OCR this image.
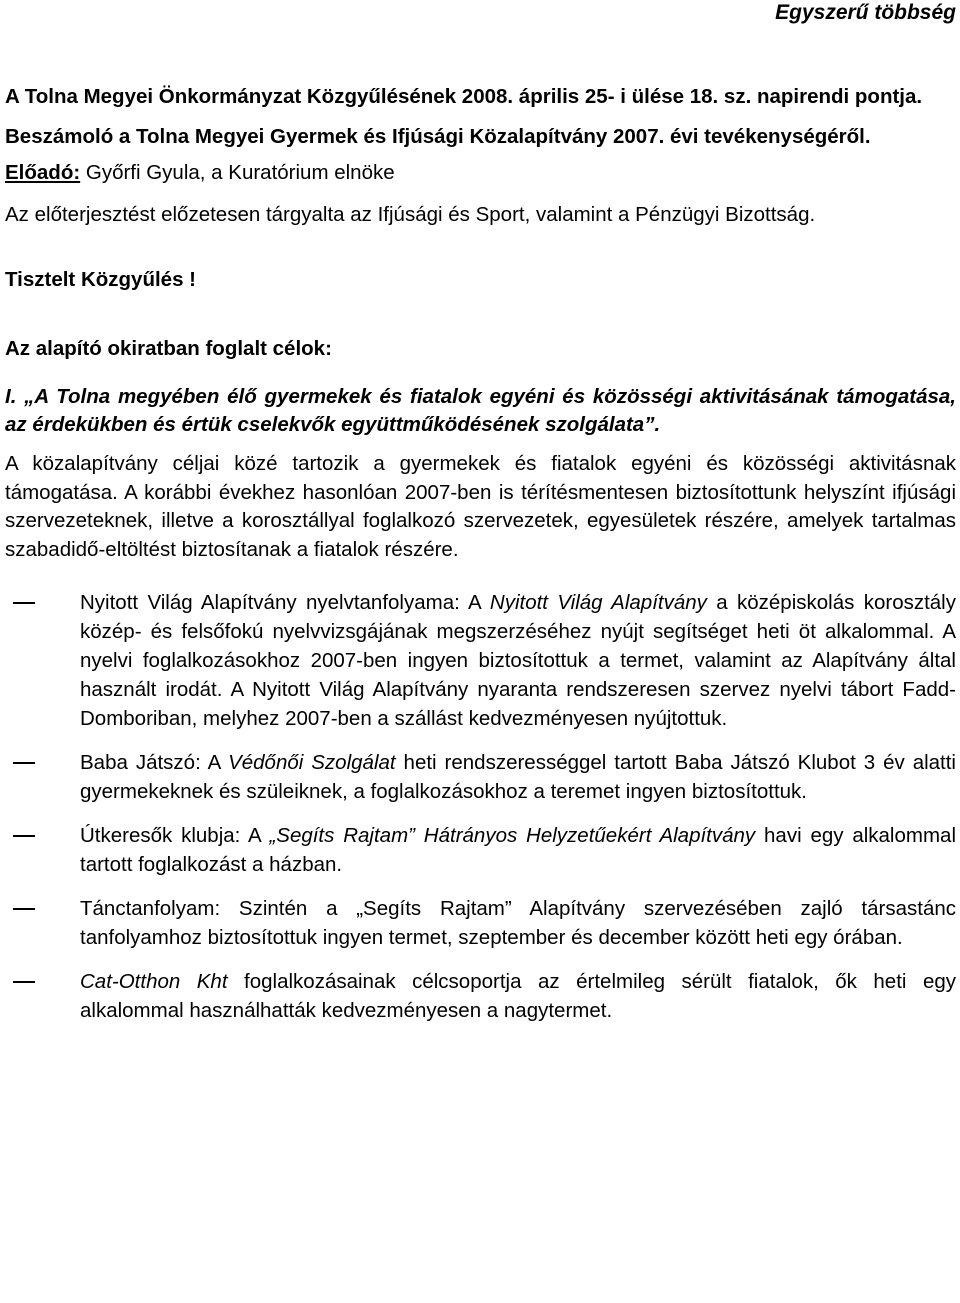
Egyszerű többség

A Tolna Megyei Önkormányzat Közgyűlésének 2008. április 25- i ülése 18. sz. napirendi pontja.

Beszámoló a Tolna Megyei Gyermek és Ifjúsági Közalapítvány 2007. évi tevékenységéről.

Előadó: Győrfi Gyula, a Kuratórium elnöke

Az előterjesztést előzetesen tárgyalta az Ifjúsági és Sport, valamint a Pénzügyi Bizottság.

Tisztelt Közgyűlés !

Az alapító okiratban foglalt célok:

I. „A Tolna megyében élő gyermekek és fiatalok egyéni és közösségi aktivitásának támogatása, az érdekükben és értük cselekvők együttműködésének szolgálata”.

A közalapítvány céljai közé tartozik a gyermekek és fiatalok egyéni és közösségi aktivitásnak támogatása. A korábbi évekhez hasonlóan 2007-ben is térítésmentesen biztosítottunk helyszínt ifjúsági szervezeteknek, illetve a korosztállyal foglalkozó szervezetek, egyesületek részére, amelyek tartalmas szabadidő-eltöltést biztosítanak a fiatalok részére.

Nyitott Világ Alapítvány nyelvtanfolyama: A Nyitott Világ Alapítvány a középiskolás korosztály közép- és felsőfokú nyelvvizsgájának megszerzéséhez nyújt segítséget heti öt alkalommal. A nyelvi foglalkozásokhoz 2007-ben ingyen biztosítottuk a termet, valamint az Alapítvány által használt irodát. A Nyitott Világ Alapítvány nyaranta rendszeresen szervez nyelvi tábort Fadd-Domboriban, melyhez 2007-ben a szállást kedvezményesen nyújtottuk.
Baba Játszó: A Védőnői Szolgálat heti rendszerességgel tartott Baba Játszó Klubot 3 év alatti gyermekeknek és szüleiknek, a foglalkozásokhoz a teremet ingyen biztosítottuk.
Útkeresők klubja: A „Segíts Rajtam” Hátrányos Helyzetűekért Alapítvány havi egy alkalommal tartott foglalkozást a házban.
Tánctanfolyam: Szintén a „Segíts Rajtam” Alapítvány szervezésében zajló társastánc tanfolyamhoz biztosítottuk ingyen termet, szeptember és december között heti egy órában.
Cat-Otthon Kht foglalkozásainak célcsoportja az értelmileg sérült fiatalok, ők heti egy alkalommal használhatták kedvezményesen a nagytermet.
